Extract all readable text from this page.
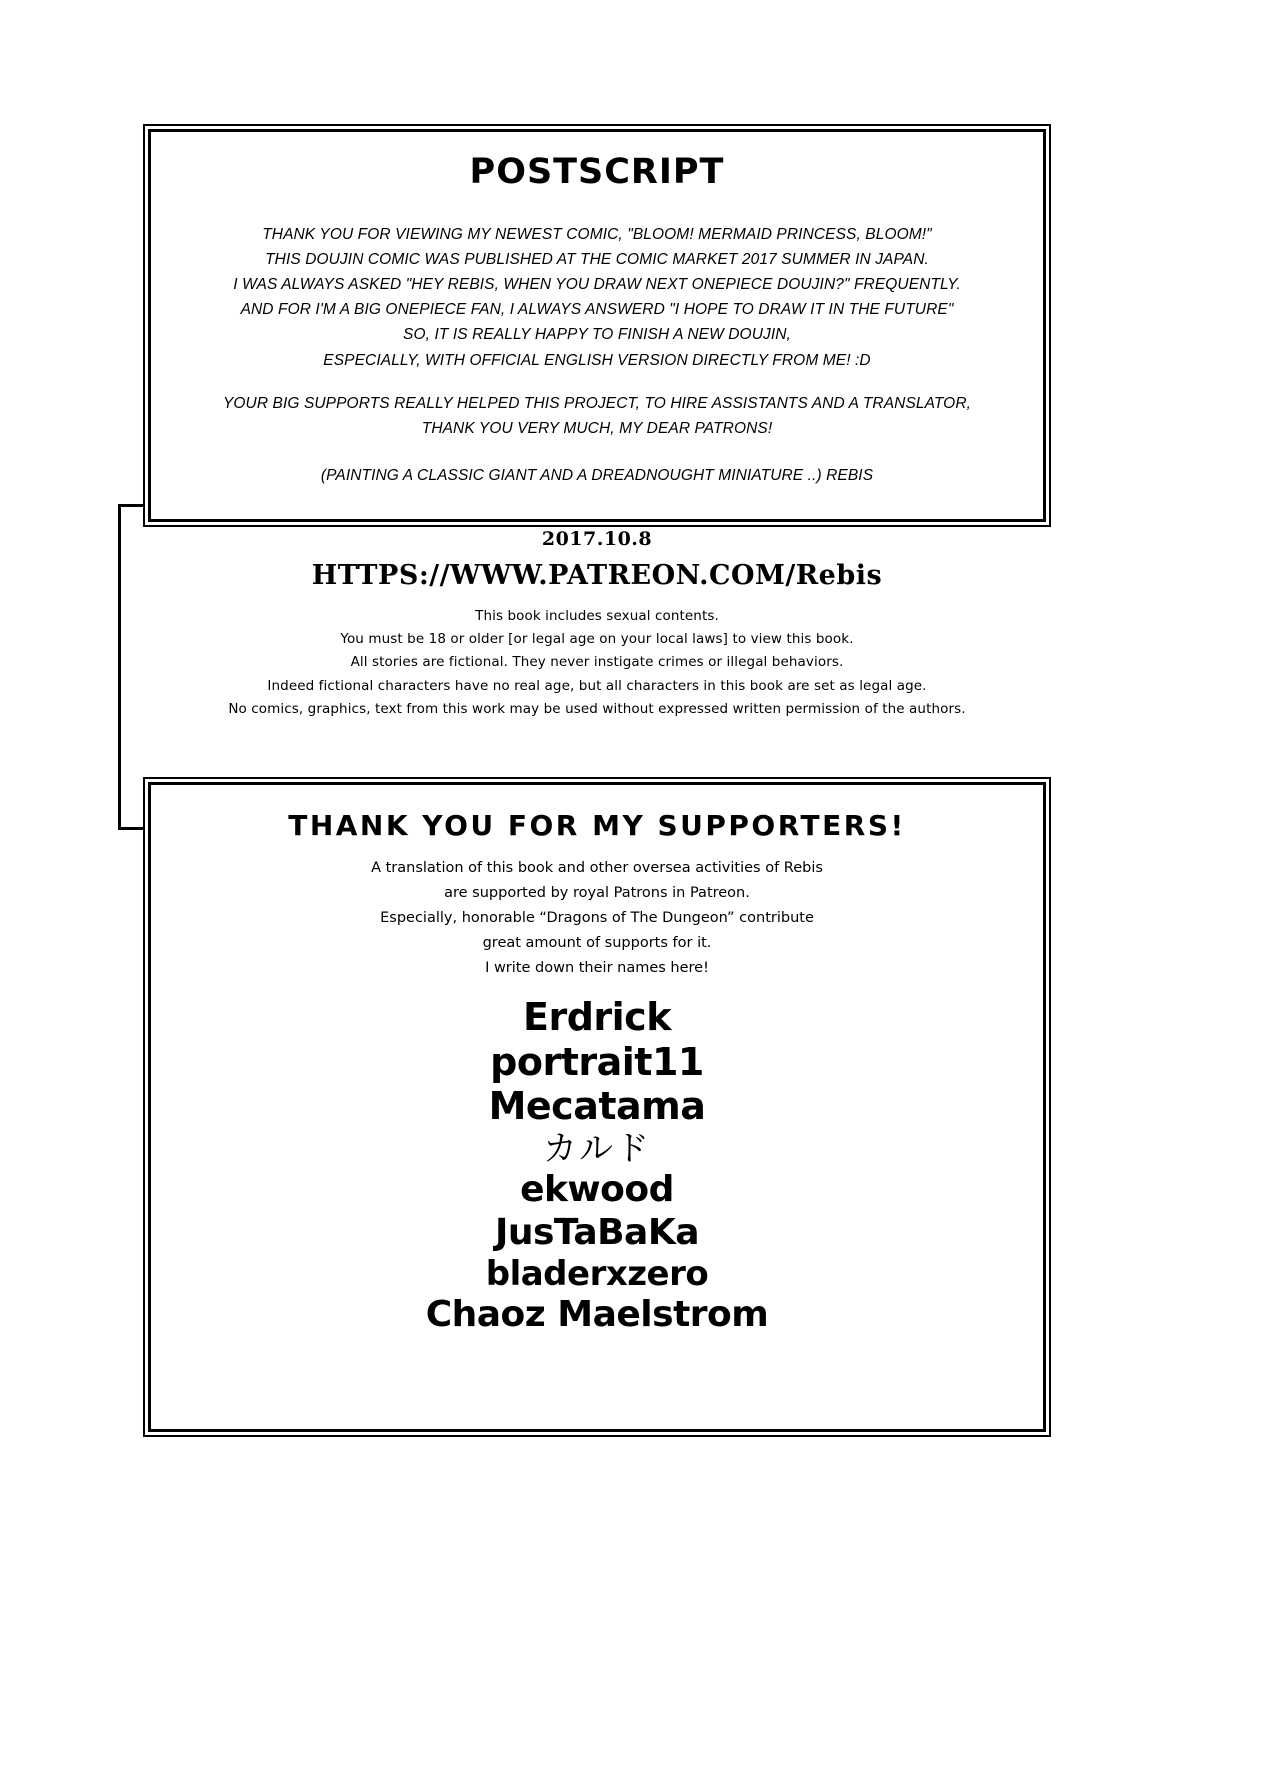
POSTSCRIPT
THANK YOU FOR VIEWING MY NEWEST COMIC, "BLOOM! MERMAID PRINCESS, BLOOM!"
THIS DOUJIN COMIC WAS PUBLISHED AT THE COMIC MARKET 2017 SUMMER IN JAPAN.
I WAS ALWAYS ASKED "HEY REBIS, WHEN YOU DRAW NEXT ONEPIECE DOUJIN?" FREQUENTLY.
AND FOR I'M A BIG ONEPIECE FAN, I ALWAYS ANSWERD "I HOPE TO DRAW IT IN THE FUTURE"
SO, IT IS REALLY HAPPY TO FINISH A NEW DOUJIN,
ESPECIALLY, WITH OFFICIAL ENGLISH VERSION DIRECTLY FROM ME! :D
YOUR BIG SUPPORTS REALLY HELPED THIS PROJECT, TO HIRE ASSISTANTS AND A TRANSLATOR,
THANK YOU VERY MUCH, MY DEAR PATRONS!
(PAINTING A CLASSIC GIANT AND A DREADNOUGHT MINIATURE ..) REBIS
2017.10.8
HTTPS://WWW.PATREON.COM/Rebis
This book includes sexual contents.
You must be 18 or older [or legal age on your local laws] to view this book.
All stories are fictional. They never instigate crimes or illegal behaviors.
Indeed fictional characters have no real age, but all characters in this book are set as legal age.
No comics, graphics, text from this work may be used without expressed written permission of the authors.
THANK YOU FOR MY SUPPORTERS!
A translation of this book and other oversea activities of Rebis
are supported by royal Patrons in Patreon.
Especially, honorable “Dragons of The Dungeon” contribute
great amount of supports for it.
I write down their names here!
Erdrick
portrait11
Mecatama
カルド
ekwood
JusTaBaKa
bladerxzero
Chaoz Maelstrom
